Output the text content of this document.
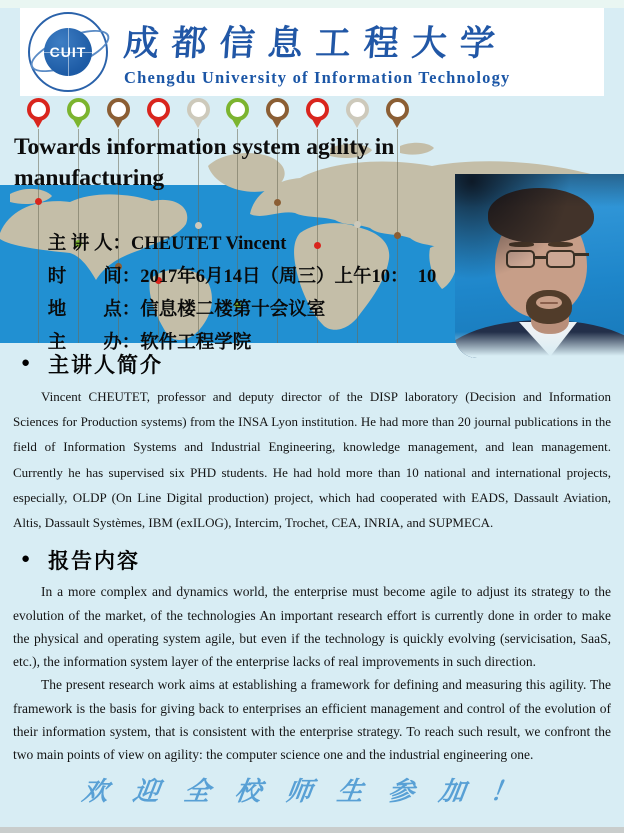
CUIT 成都信息工程大学
Chengdu University of Information Technology
Towards information system agility in manufacturing

主 讲 人：CHEUTET Vincent

时　　间：2017年6月14日（周三）上午10：  10

地　　点：信息楼二楼第十会议室

主　　办：软件工程学院

● 主讲人简介
Vincent CHEUTET, professor and deputy director of the DISP laboratory (Decision and Information Sciences for Production systems) from the INSA Lyon institution. He had more than 20 journal publications in the field of Information Systems and Industrial Engineering, knowledge management, and lean management. Currently he has supervised six PHD students. He had hold more than 10 national and international projects, especially, OLDP (On Line Digital production) project, which had cooperated with EADS, Dassault Aviation, Altis, Dassault Systèmes, IBM (exILOG), Intercim, Trochet, CEA, INRIA, and SUPMECA.
● 报告内容
In a more complex and dynamics world, the enterprise must become agile to adjust its strategy to the evolution of the market, of the technologies An important research effort is currently done in order to make the physical and operating system agile, but even if the technology is quickly evolving (servicisation, SaaS, etc.), the information system layer of the enterprise lacks of real improvements in such direction.
The present research work aims at establishing a framework for defining and measuring this agility. The framework is the basis for giving back to enterprises an efficient management and control of the evolution of their information system, that is consistent with the enterprise strategy. To reach such result, we confront the two main points of view on agility: the computer science one and the industrial engineering one.
欢迎全校师生参加！
